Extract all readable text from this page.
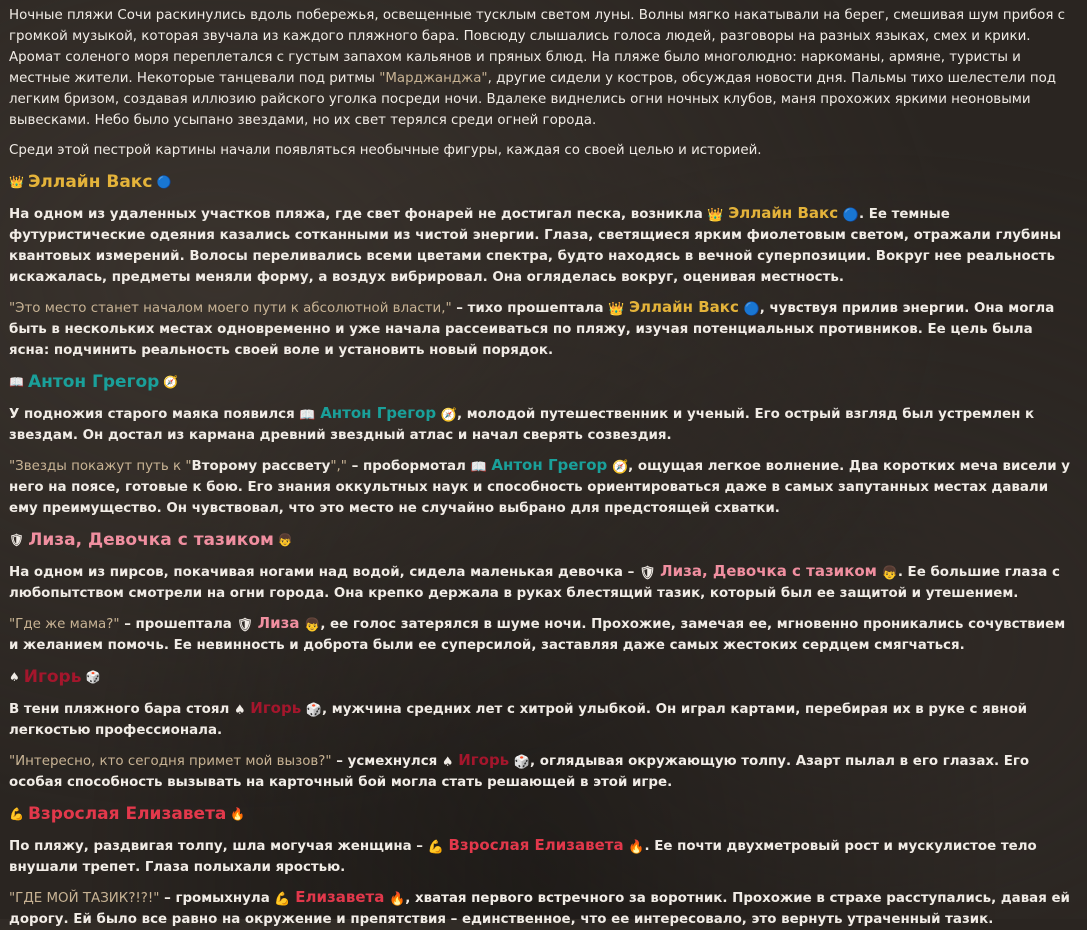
Ночные пляжи Сочи раскинулись вдоль побережья, освещенные тусклым светом луны. Волны мягко накатывали на берег, смешивая шум прибоя с громкой музыкой, которая звучала из каждого пляжного бара. Повсюду слышались голоса людей, разговоры на разных языках, смех и крики. Аромат соленого моря переплетался с густым запахом кальянов и пряных блюд. На пляже было многолюдно: наркоманы, армяне, туристы и местные жители. Некоторые танцевали под ритмы "Марджанджа", другие сидели у костров, обсуждая новости дня. Пальмы тихо шелестели под легким бризом, создавая иллюзию райского уголка посреди ночи. Вдалеке виднелись огни ночных клубов, маня прохожих яркими неоновыми вывесками. Небо было усыпано звездами, но их свет терялся среди огней города.

Среди этой пестрой картины начали появляться необычные фигуры, каждая со своей целью и историей.

👑 Эллайн Вакс 🔵

На одном из удаленных участков пляжа, где свет фонарей не достигал песка, возникла 👑 Эллайн Вакс 🔵. Ее темные футуристические одеяния казались сотканными из чистой энергии. Глаза, светящиеся ярким фиолетовым светом, отражали глубины квантовых измерений. Волосы переливались всеми цветами спектра, будто находясь в вечной суперпозиции. Вокруг нее реальность искажалась, предметы меняли форму, а воздух вибрировал. Она огляделась вокруг, оценивая местность.

"Это место станет началом моего пути к абсолютной власти," – тихо прошептала 👑 Эллайн Вакс 🔵, чувствуя прилив энергии. Она могла быть в нескольких местах одновременно и уже начала рассеиваться по пляжу, изучая потенциальных противников. Ее цель была ясна: подчинить реальность своей воле и установить новый порядок.

📖 Антон Грегор 🧭

У подножия старого маяка появился 📖 Антон Грегор 🧭, молодой путешественник и ученый. Его острый взгляд был устремлен к звездам. Он достал из кармана древний звездный атлас и начал сверять созвездия.

"Звезды покажут путь к "Второму рассвету"," – пробормотал 📖 Антон Грегор 🧭, ощущая легкое волнение. Два коротких меча висели у него на поясе, готовые к бою. Его знания оккультных наук и способность ориентироваться даже в самых запутанных местах давали ему преимущество. Он чувствовал, что это место не случайно выбрано для предстоящей схватки.

🛡 Лиза, Девочка с тазиком 👦

На одном из пирсов, покачивая ногами над водой, сидела маленькая девочка – 🛡 Лиза, Девочка с тазиком 👦. Ее большие глаза с любопытством смотрели на огни города. Она крепко держала в руках блестящий тазик, который был ее защитой и утешением.

"Где же мама?" – прошептала 🛡 Лиза 👦, ее голос затерялся в шуме ночи. Прохожие, замечая ее, мгновенно проникались сочувствием и желанием помочь. Ее невинность и доброта были ее суперсилой, заставляя даже самых жестоких сердцем смягчаться.

♠ Игорь 🎲

В тени пляжного бара стоял ♠ Игорь 🎲, мужчина средних лет с хитрой улыбкой. Он играл картами, перебирая их в руке с явной легкостью профессионала.

"Интересно, кто сегодня примет мой вызов?" – усмехнулся ♠ Игорь 🎲, оглядывая окружающую толпу. Азарт пылал в его глазах. Его особая способность вызывать на карточный бой могла стать решающей в этой игре.

💪 Взрослая Елизавета 🔥

По пляжу, раздвигая толпу, шла могучая женщина – 💪 Взрослая Елизавета 🔥. Ее почти двухметровый рост и мускулистое тело внушали трепет. Глаза полыхали яростью.

"ГДЕ МОЙ ТАЗИК?!?!" – громыхнула 💪 Елизавета 🔥, хватая первого встречного за воротник. Прохожие в страхе расступались, давая ей дорогу. Ей было все равно на окружение и препятствия – единственное, что ее интересовало, это вернуть утраченный тазик.
